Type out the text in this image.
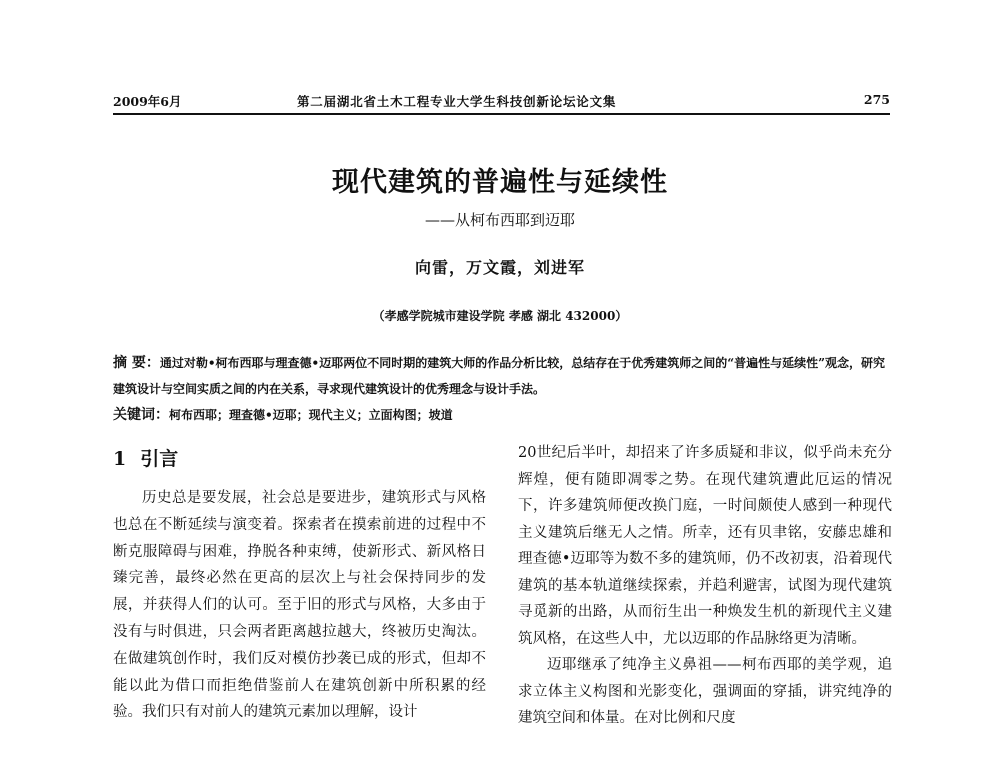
2009年6月	第二届湖北省土木工程专业大学生科技创新论坛论文集	275
现代建筑的普遍性与延续性
——从柯布西耶到迈耶
向雷，万文霞，刘进军
（孝感学院城市建设学院 孝感 湖北 432000）
摘 要：通过对勒•柯布西耶与理查德•迈耶两位不同时期的建筑大师的作品分析比较，总结存在于优秀建筑师之间的“普遍性与延续性”观念，研究建筑设计与空间实质之间的内在关系，寻求现代建筑设计的优秀理念与设计手法。
关键词：柯布西耶；理查德•迈耶；现代主义；立面构图；坡道
1 引言

历史总是要发展，社会总是要进步，建筑形式与风格也总在不断延续与演变着。探索者在摸索前进的过程中不断克服障碍与困难，挣脱各种束缚，使新形式、新风格日臻完善，最终必然在更高的层次上与社会保持同步的发展，并获得人们的认可。至于旧的形式与风格，大多由于没有与时俱进，只会两者距离越拉越大，终被历史淘汰。在做建筑创作时，我们反对模仿抄袭已成的形式，但却不能以此为借口而拒绝借鉴前人在建筑创新中所积累的经验。我们只有对前人的建筑元素加以理解，设计

20世纪后半叶，却招来了许多质疑和非议，似乎尚未充分辉煌，便有随即凋零之势。在现代建筑遭此厄运的情况下，许多建筑师便改换门庭，一时间颇使人感到一种现代主义建筑后继无人之情。所幸，还有贝聿铭，安藤忠雄和理查德•迈耶等为数不多的建筑师，仍不改初衷，沿着现代建筑的基本轨道继续探索，并趋利避害，试图为现代建筑寻觅新的出路，从而衍生出一种焕发生机的新现代主义建筑风格，在这些人中，尤以迈耶的作品脉络更为清晰。

迈耶继承了纯净主义鼻祖——柯布西耶的美学观，追求立体主义构图和光影变化，强调面的穿插，讲究纯净的建筑空间和体量。在对比例和尺度
